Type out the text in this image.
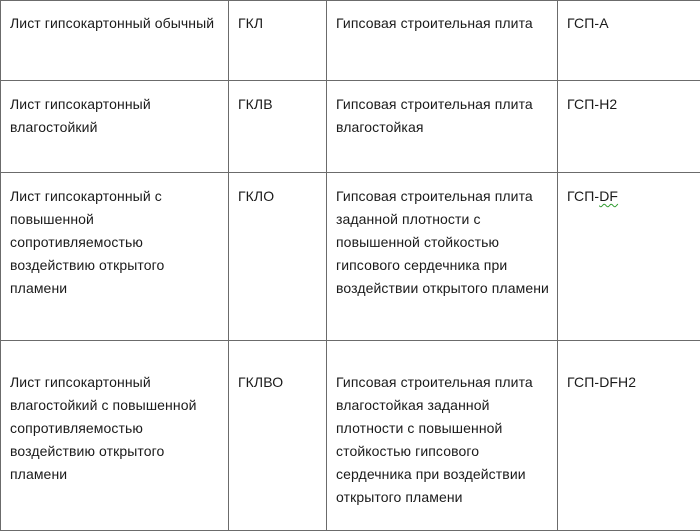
Лист гипсокартонный обычный	ГКЛ	Гипсовая строительная плита	ГСП-A
Лист гипсокартонный влагостойкий	ГКЛВ	Гипсовая строительная плита влагостойкая	ГСП-H2
Лист гипсокартонный с повышенной сопротивляемостью воздействию открытого пламени	ГКЛО	Гипсовая строительная плита заданной плотности с повышенной стойкостью гипсового сердечника при воздействии открытого пламени	ГСП-DF
Лист гипсокартонный влагостойкий с повышенной сопротивляемостью воздействию открытого пламени	ГКЛВО	Гипсовая строительная плита влагостойкая заданной плотности с повышенной стойкостью гипсового сердечника при воздействии открытого пламени	ГСП-DFH2
